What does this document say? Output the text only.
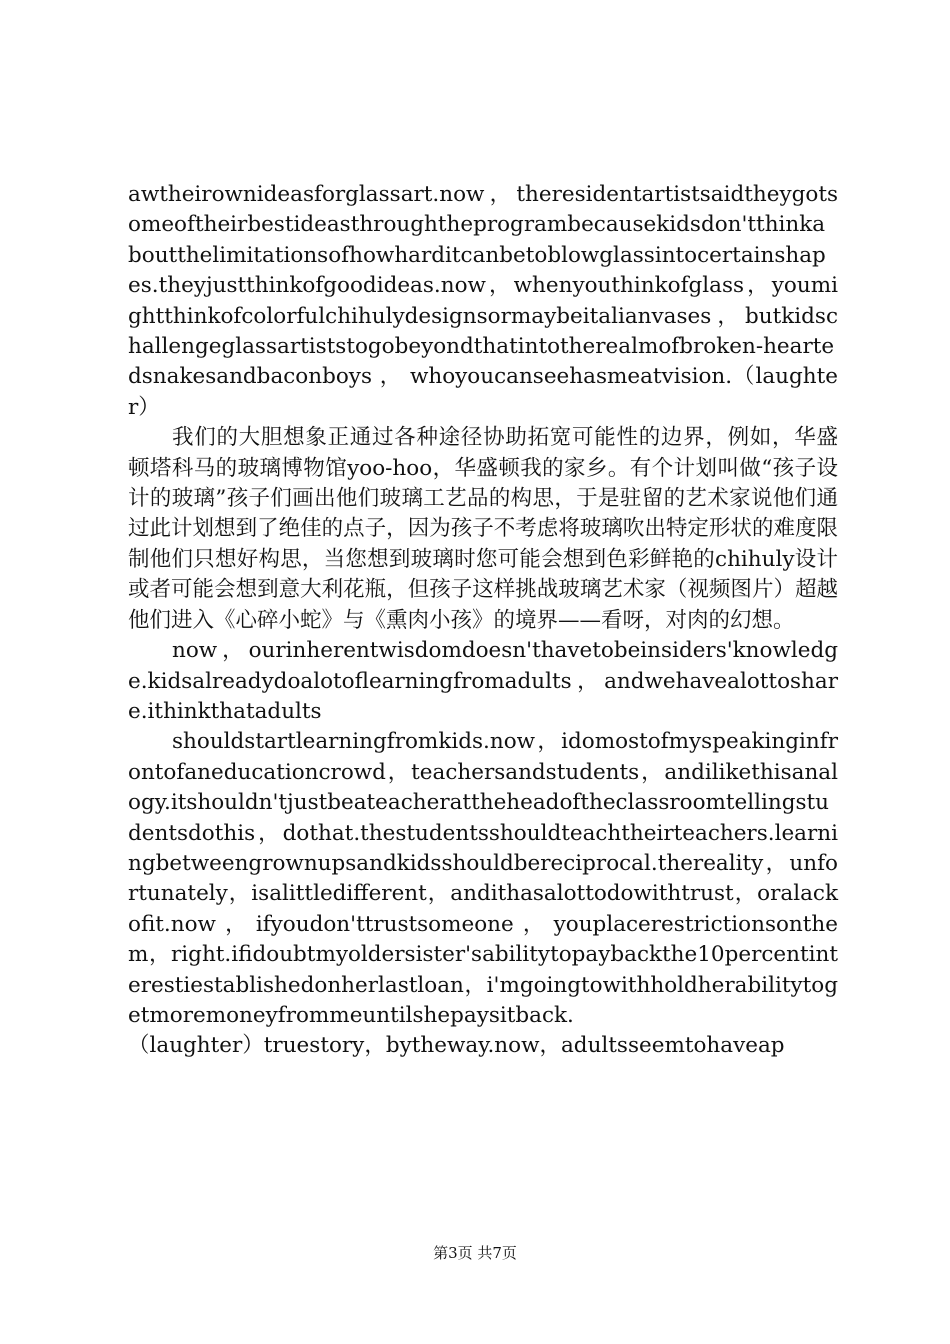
awtheirownideasforglassart.now，theresidentartistsaidtheygotsomeoftheirbestideasthroughtheprogrambecausekidsdon'tthinkaboutthelimitationsofhowharditcanbetoblowglassintocertainshapes.theyjustthinkofgoodideas.now，whenyouthinkofglass，youmightthinkofcolorfulchihulydesignsormaybeitalianvases，butkidschallengeglassartiststogobeyondthatintotherealmofbroken-heartedsnakesandbaconboys ， whoyoucanseehasmeatvision.（laughter）

我们的大胆想象正通过各种途径协助拓宽可能性的边界，例如，华盛顿塔科马的玻璃博物馆yoo-hoo，华盛顿我的家乡。有个计划叫做“孩子设计的玻璃”孩子们画出他们玻璃工艺品的构思，于是驻留的艺术家说他们通过此计划想到了绝佳的点子，因为孩子不考虑将玻璃吹出特定形状的难度限制他们只想好构思，当您想到玻璃时您可能会想到色彩鲜艳的chihuly设计或者可能会想到意大利花瓶，但孩子这样挑战玻璃艺术家（视频图片）超越他们进入《心碎小蛇》与《熏肉小孩》的境界——看呀，对肉的幻想。

now，ourinherentwisdomdoesn'thavetobeinsiders'knowledge.kidsalreadydoalotoflearningfromadults，andwehavealottoshare.ithinkthatadults

shouldstartlearningfromkids.now，idomostofmyspeakinginfrontofaneducationcrowd，teachersandstudents，andilikethisanalogy.itshouldn'tjustbeateacherattheheadoftheclassroomtellingstudentsdothis，dothat.thestudentsshouldteachtheirteachers.learningbetweengrownupsandkidsshouldbereciprocal.thereality，unfortunately，isalittledifferent，andithasalottodowithtrust，oralackofit.now，ifyoudon'ttrustsomeone，youplacerestrictionsonthem，right.ifidoubtmyoldersister'sabilitytopaybackthe10percentinterestiestablishedonherlastloan，i'mgoingtowithholdherabilitytogetmoremoneyfrommeuntilshepaysitback.

（laughter）truestory，bytheway.now，adultsseemtohaveap

第3页 共7页
